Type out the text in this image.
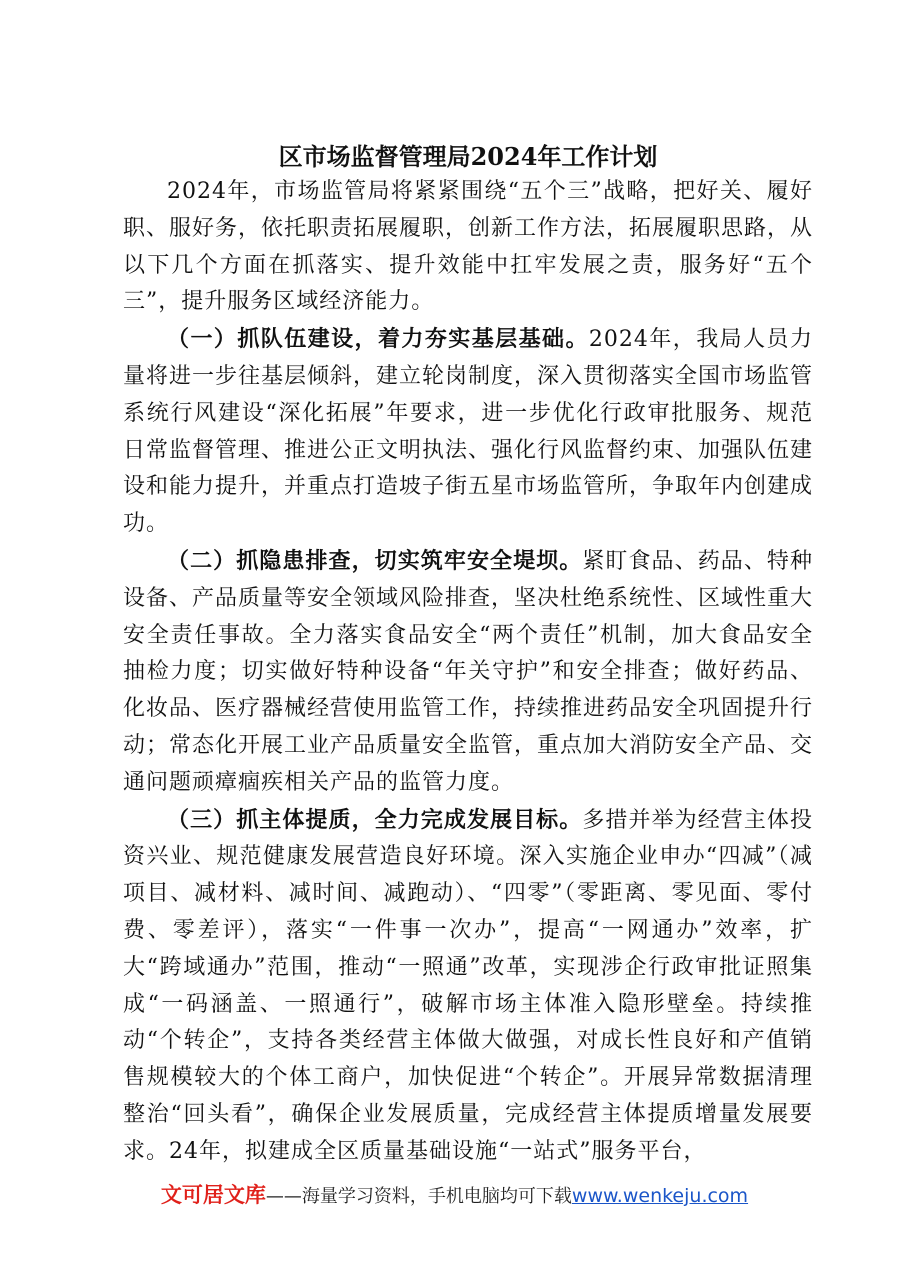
区市场监督管理局2024年工作计划

2024年，市场监管局将紧紧围绕“五个三”战略，把好关、履好职、服好务，依托职责拓展履职，创新工作方法，拓展履职思路，从以下几个方面在抓落实、提升效能中扛牢发展之责，服务好“五个三”，提升服务区域经济能力。

（一）抓队伍建设，着力夯实基层基础。2024年，我局人员力量将进一步往基层倾斜，建立轮岗制度，深入贯彻落实全国市场监管系统行风建设“深化拓展”年要求，进一步优化行政审批服务、规范日常监督管理、推进公正文明执法、强化行风监督约束、加强队伍建设和能力提升，并重点打造坡子街五星市场监管所，争取年内创建成功。

（二）抓隐患排查，切实筑牢安全堤坝。紧盯食品、药品、特种设备、产品质量等安全领域风险排查，坚决杜绝系统性、区域性重大安全责任事故。全力落实食品安全“两个责任”机制，加大食品安全抽检力度；切实做好特种设备“年关守护”和安全排查；做好药品、化妆品、医疗器械经营使用监管工作，持续推进药品安全巩固提升行动；常态化开展工业产品质量安全监管，重点加大消防安全产品、交通问题顽瘴痼疾相关产品的监管力度。

（三）抓主体提质，全力完成发展目标。多措并举为经营主体投资兴业、规范健康发展营造良好环境。深入实施企业申办“四减”（减项目、减材料、减时间、减跑动）、“四零”（零距离、零见面、零付费、零差评），落实“一件事一次办”，提高“一网通办”效率，扩大“跨域通办”范围，推动“一照通”改革，实现涉企行政审批证照集成“一码涵盖、一照通行”，破解市场主体准入隐形壁垒。持续推动“个转企”，支持各类经营主体做大做强，对成长性良好和产值销售规模较大的个体工商户，加快促进“个转企”。开展异常数据清理整治“回头看”，确保企业发展质量，完成经营主体提质增量发展要求。24年，拟建成全区质量基础设施“一站式”服务平台，

文可居文库——海量学习资料，手机电脑均可下载www.wenkeju.com
